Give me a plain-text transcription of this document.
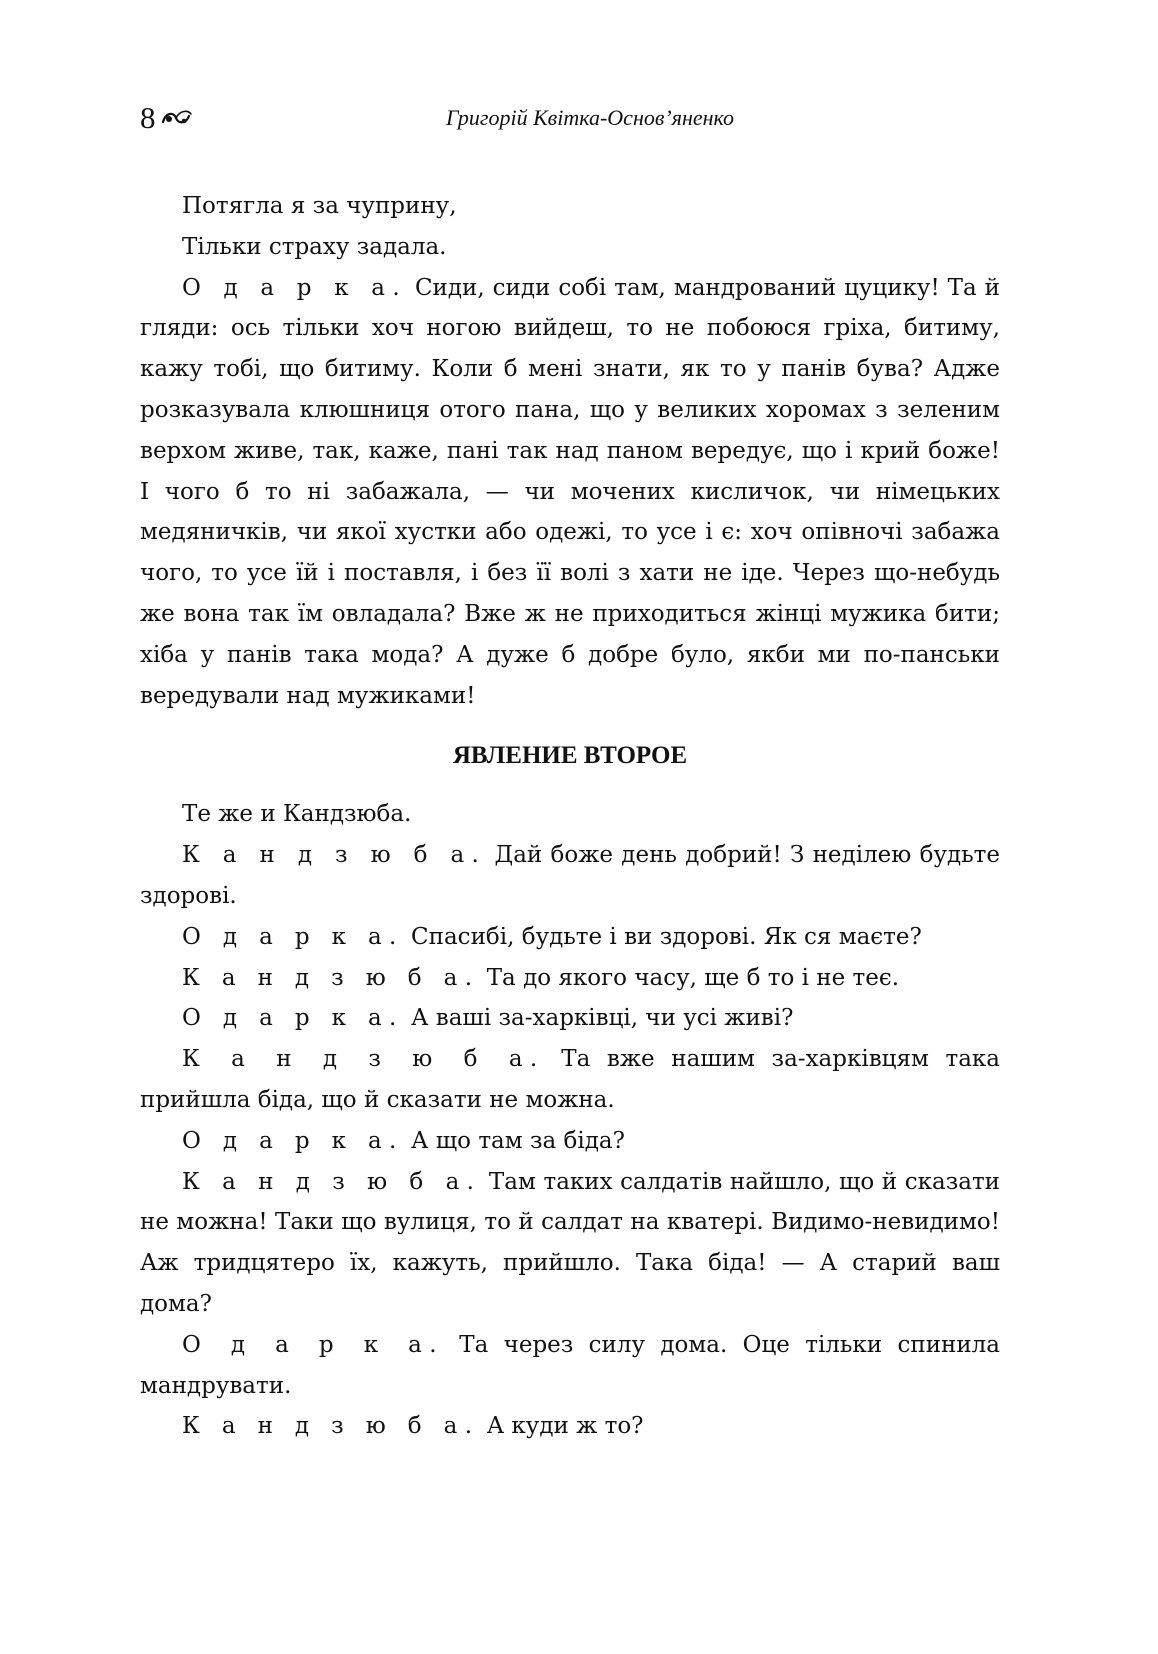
8	Григорій Квітка-Основ’яненко

Потягла я за чуприну,

Тільки страху задала.

О д а р к а. Сиди, сиди собі там, мандрований цуцику! Та й гляди: ось тільки хоч ногою вийдеш, то не побоюся гріха, битиму, кажу тобі, що битиму. Коли б мені знати, як то у панів бува? Адже розказувала клюшниця отого пана, що у великих хоромах з зеленим верхом живе, так, каже, пані так над паном вередує, що і крий боже! І чого б то ні забажала, — чи мочених кисличок, чи німецьких медяничків, чи якої хустки або одежі, то усе і є: хоч опівночі забажа чого, то усе їй і поставля, і без її волі з хати не іде. Через що-небудь же вона так їм овладала? Вже ж не приходиться жінці мужика бити; хіба у панів така мода? А дуже б добре було, якби ми по-панськи вередували над мужиками!

ЯВЛЕНИЕ ВТОРОЕ

Те же и Кандзюба.

К а н д з ю б а. Дай боже день добрий! З неділею будьте здорові.

О д а р к а. Спасибі, будьте і ви здорові. Як ся маєте?

К а н д з ю б а. Та до якого часу, ще б то і не теє.

О д а р к а. А ваші за-харківці, чи усі живі?

К а н д з ю б а. Та вже нашим за-харківцям така прийшла біда, що й сказати не можна.

О д а р к а. А що там за біда?

К а н д з ю б а. Там таких салдатів найшло, що й сказати не можна! Таки що вулиця, то й салдат на кватері. Видимо-невидимо! Аж тридцятеро їх, кажуть, прийшло. Така біда! — А старий ваш дома?

О д а р к а. Та через силу дома. Оце тільки спинила мандрувати.

К а н д з ю б а. А куди ж то?
